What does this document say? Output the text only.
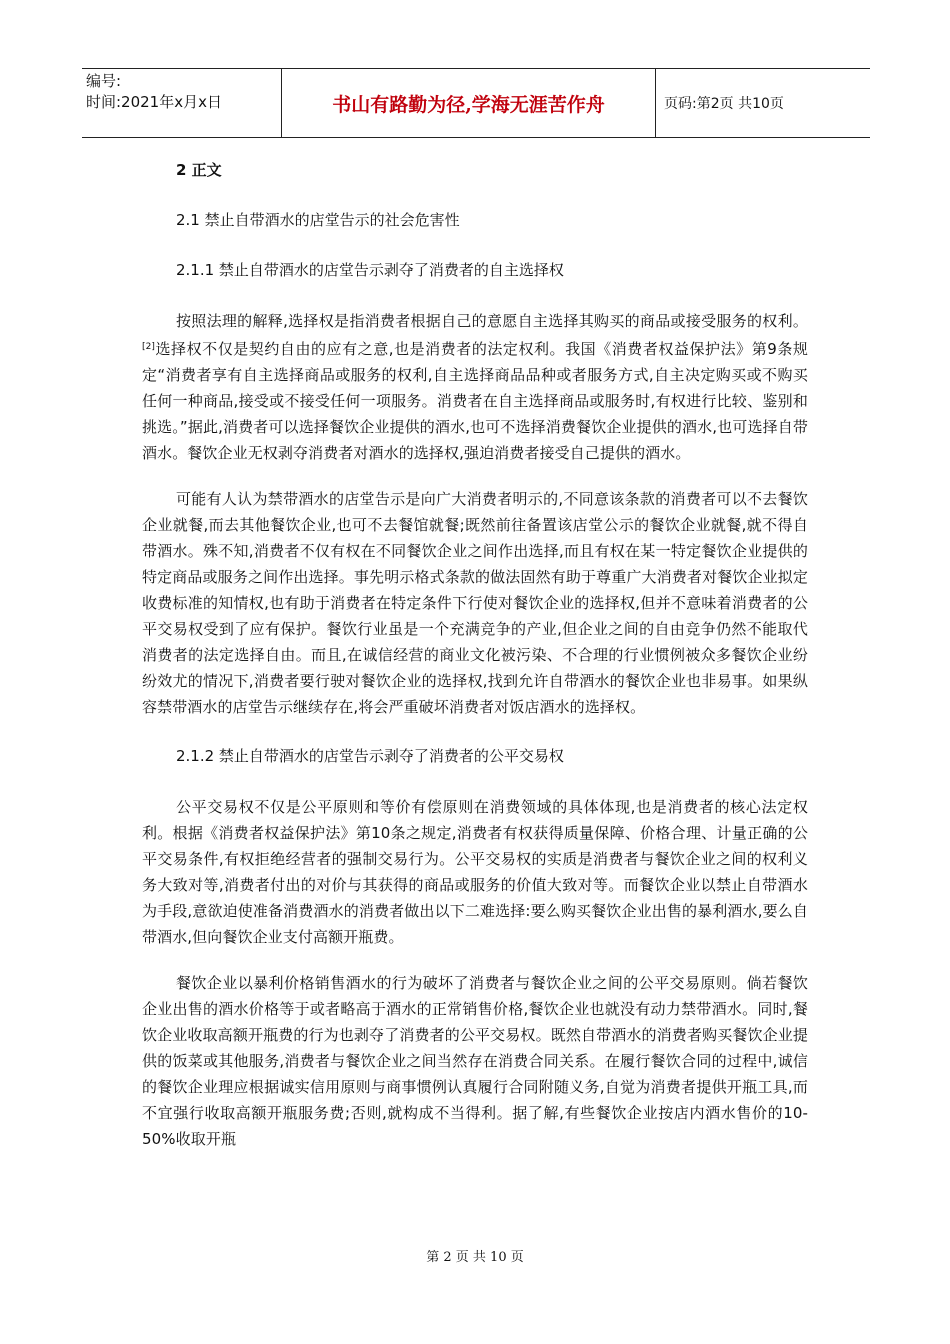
编号:
时间:2021年x月x日	书山有路勤为径,学海无涯苦作舟	页码:第2页 共10页
2 正文
2.1 禁止自带酒水的店堂告示的社会危害性
2.1.1 禁止自带酒水的店堂告示剥夺了消费者的自主选择权
按照法理的解释,选择权是指消费者根据自己的意愿自主选择其购买的商品或接受服务的权利。[2]选择权不仅是契约自由的应有之意,也是消费者的法定权利。我国《消费者权益保护法》第9条规定“消费者享有自主选择商品或服务的权利,自主选择商品品种或者服务方式,自主决定购买或不购买任何一种商品,接受或不接受任何一项服务。消费者在自主选择商品或服务时,有权进行比较、鉴别和挑选。”据此,消费者可以选择餐饮企业提供的酒水,也可不选择消费餐饮企业提供的酒水,也可选择自带酒水。餐饮企业无权剥夺消费者对酒水的选择权,强迫消费者接受自己提供的酒水。
可能有人认为禁带酒水的店堂告示是向广大消费者明示的,不同意该条款的消费者可以不去餐饮企业就餐,而去其他餐饮企业,也可不去餐馆就餐;既然前往备置该店堂公示的餐饮企业就餐,就不得自带酒水。殊不知,消费者不仅有权在不同餐饮企业之间作出选择,而且有权在某一特定餐饮企业提供的特定商品或服务之间作出选择。事先明示格式条款的做法固然有助于尊重广大消费者对餐饮企业拟定收费标准的知情权,也有助于消费者在特定条件下行使对餐饮企业的选择权,但并不意味着消费者的公平交易权受到了应有保护。餐饮行业虽是一个充满竞争的产业,但企业之间的自由竞争仍然不能取代消费者的法定选择自由。而且,在诚信经营的商业文化被污染、不合理的行业惯例被众多餐饮企业纷纷效尤的情况下,消费者要行驶对餐饮企业的选择权,找到允许自带酒水的餐饮企业也非易事。如果纵容禁带酒水的店堂告示继续存在,将会严重破坏消费者对饭店酒水的选择权。
2.1.2 禁止自带酒水的店堂告示剥夺了消费者的公平交易权
公平交易权不仅是公平原则和等价有偿原则在消费领域的具体体现,也是消费者的核心法定权利。根据《消费者权益保护法》第10条之规定,消费者有权获得质量保障、价格合理、计量正确的公平交易条件,有权拒绝经营者的强制交易行为。公平交易权的实质是消费者与餐饮企业之间的权利义务大致对等,消费者付出的对价与其获得的商品或服务的价值大致对等。而餐饮企业以禁止自带酒水为手段,意欲迫使准备消费酒水的消费者做出以下二难选择:要么购买餐饮企业出售的暴利酒水,要么自带酒水,但向餐饮企业支付高额开瓶费。
餐饮企业以暴利价格销售酒水的行为破坏了消费者与餐饮企业之间的公平交易原则。倘若餐饮企业出售的酒水价格等于或者略高于酒水的正常销售价格,餐饮企业也就没有动力禁带酒水。同时,餐饮企业收取高额开瓶费的行为也剥夺了消费者的公平交易权。既然自带酒水的消费者购买餐饮企业提供的饭菜或其他服务,消费者与餐饮企业之间当然存在消费合同关系。在履行餐饮合同的过程中,诚信的餐饮企业理应根据诚实信用原则与商事惯例认真履行合同附随义务,自觉为消费者提供开瓶工具,而不宜强行收取高额开瓶服务费;否则,就构成不当得利。据了解,有些餐饮企业按店内酒水售价的10-50%收取开瓶
第 2 页 共 10 页
